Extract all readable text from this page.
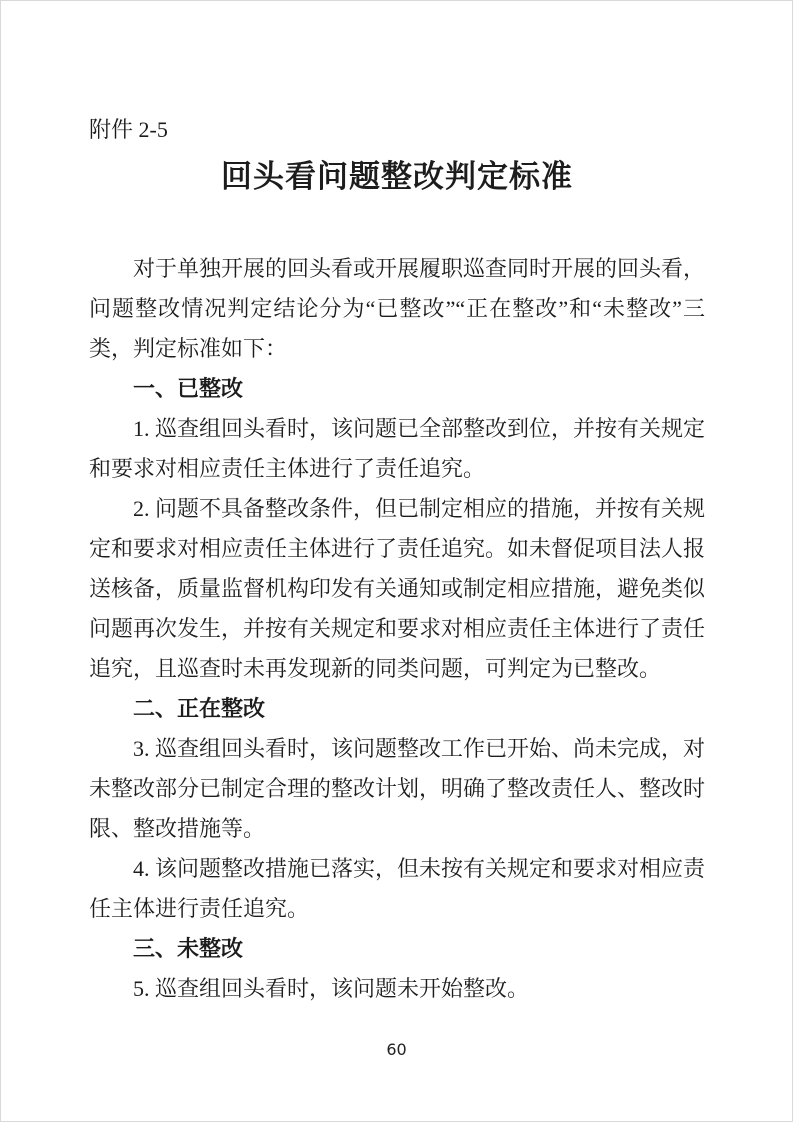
附件 2-5
回头看问题整改判定标准

对于单独开展的回头看或开展履职巡查同时开展的回头看，问题整改情况判定结论分为“已整改”“正在整改”和“未整改”三类，判定标准如下：

一、已整改

1. 巡查组回头看时，该问题已全部整改到位，并按有关规定和要求对相应责任主体进行了责任追究。

2. 问题不具备整改条件，但已制定相应的措施，并按有关规定和要求对相应责任主体进行了责任追究。如未督促项目法人报送核备，质量监督机构印发有关通知或制定相应措施，避免类似问题再次发生，并按有关规定和要求对相应责任主体进行了责任追究，且巡查时未再发现新的同类问题，可判定为已整改。

二、正在整改

3. 巡查组回头看时，该问题整改工作已开始、尚未完成，对未整改部分已制定合理的整改计划，明确了整改责任人、整改时限、整改措施等。

4. 该问题整改措施已落实，但未按有关规定和要求对相应责任主体进行责任追究。

三、未整改

5. 巡查组回头看时，该问题未开始整改。

60
